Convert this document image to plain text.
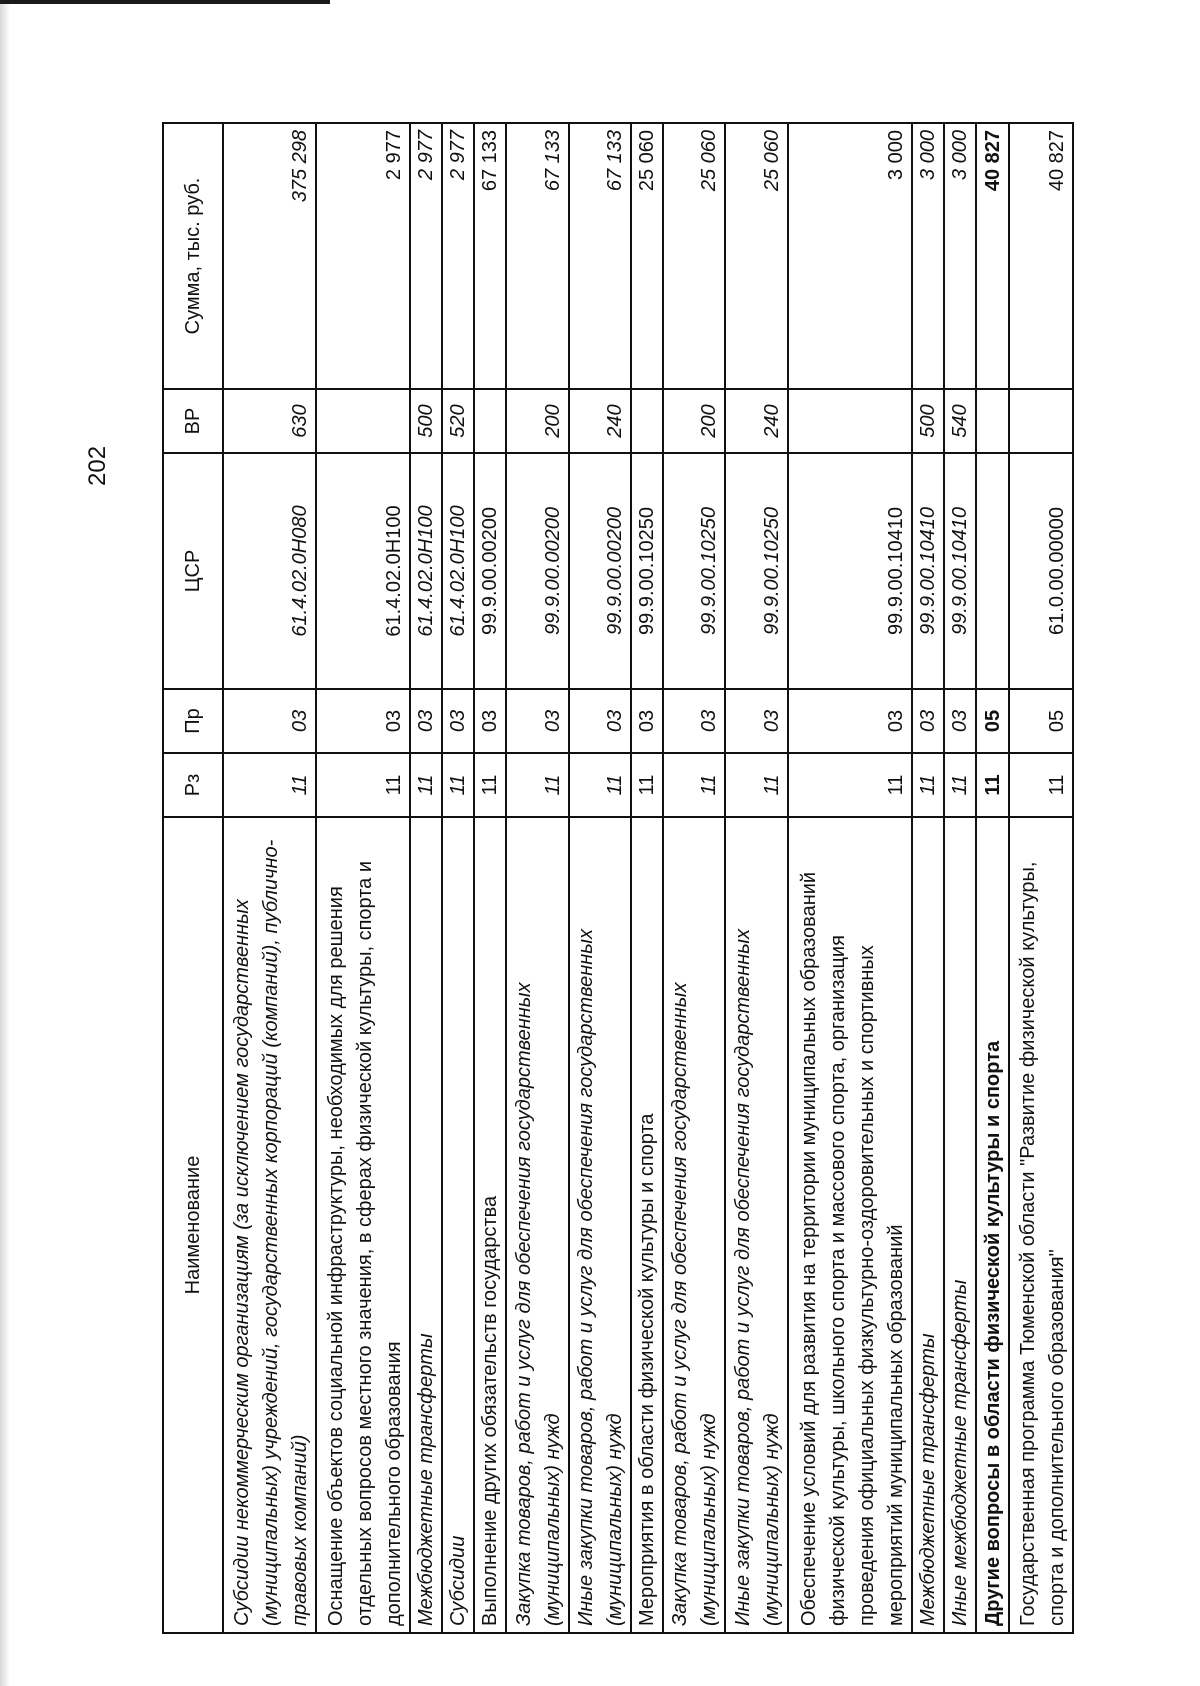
202
Наименование	Рз	Пр	ЦСР	ВР	Сумма, тыс. руб.
Субсидии некоммерческим организациям (за исключением государственных (муниципальных) учреждений, государственных корпораций (компаний), публично-правовых компаний)	11	03	61.4.02.0Н080	630	375 298
Оснащение объектов социальной инфраструктуры, необходимых для решения отдельных вопросов местного значения, в сферах физической культуры, спорта и дополнительного образования	11	03	61.4.02.0Н100		2 977
Межбюджетные трансферты	11	03	61.4.02.0Н100	500	2 977
Субсидии	11	03	61.4.02.0Н100	520	2 977
Выполнение других обязательств государства	11	03	99.9.00.00200		67 133
Закупка товаров, работ и услуг для обеспечения государственных (муниципальных) нужд	11	03	99.9.00.00200	200	67 133
Иные закупки товаров, работ и услуг для обеспечения государственных (муниципальных) нужд	11	03	99.9.00.00200	240	67 133
Мероприятия в области физической культуры и спорта	11	03	99.9.00.10250		25 060
Закупка товаров, работ и услуг для обеспечения государственных (муниципальных) нужд	11	03	99.9.00.10250	200	25 060
Иные закупки товаров, работ и услуг для обеспечения государственных (муниципальных) нужд	11	03	99.9.00.10250	240	25 060
Обеспечение условий для развития на территории муниципальных образований физической культуры, школьного спорта и массового спорта, организация проведения официальных физкультурно-оздоровительных и спортивных мероприятий муниципальных образований	11	03	99.9.00.10410		3 000
Межбюджетные трансферты	11	03	99.9.00.10410	500	3 000
Иные межбюджетные трансферты	11	03	99.9.00.10410	540	3 000
Другие вопросы в области физической культуры и спорта	11	05			40 827
Государственная программа Тюменской области "Развитие физической культуры, спорта и дополнительного образования"	11	05	61.0.00.00000		40 827
